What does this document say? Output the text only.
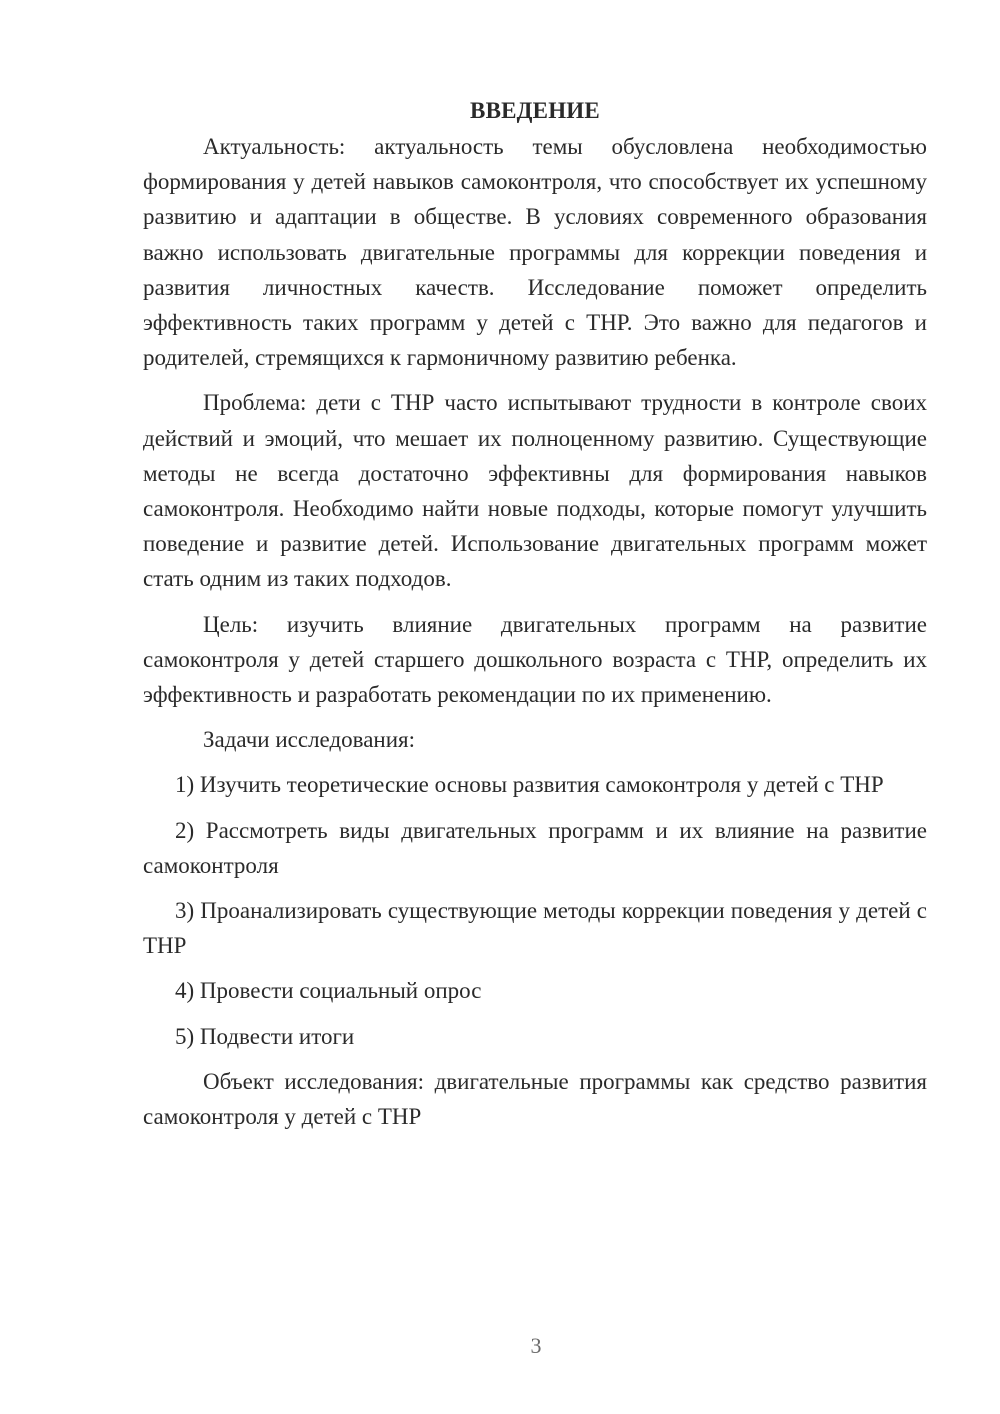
ВВЕДЕНИЕ

Актуальность: актуальность темы обусловлена необходимостью формирования у детей навыков самоконтроля, что способствует их успешному развитию и адаптации в обществе. В условиях современного образования важно использовать двигательные программы для коррекции поведения и развития личностных качеств. Исследование поможет определить эффективность таких программ у детей с ТНР. Это важно для педагогов и родителей, стремящихся к гармоничному развитию ребенка.

Проблема: дети с ТНР часто испытывают трудности в контроле своих действий и эмоций, что мешает их полноценному развитию. Существующие методы не всегда достаточно эффективны для формирования навыков самоконтроля. Необходимо найти новые подходы, которые помогут улучшить поведение и развитие детей. Использование двигательных программ может стать одним из таких подходов.

Цель: изучить влияние двигательных программ на развитие самоконтроля у детей старшего дошкольного возраста с ТНР, определить их эффективность и разработать рекомендации по их применению.

Задачи исследования:

1) Изучить теоретические основы развития самоконтроля у детей с ТНР

2) Рассмотреть виды двигательных программ и их влияние на развитие самоконтроля

3) Проанализировать существующие методы коррекции поведения у детей с ТНР

4) Провести социальный опрос

5) Подвести итоги

Объект исследования: двигательные программы как средство развития самоконтроля у детей с ТНР

3
